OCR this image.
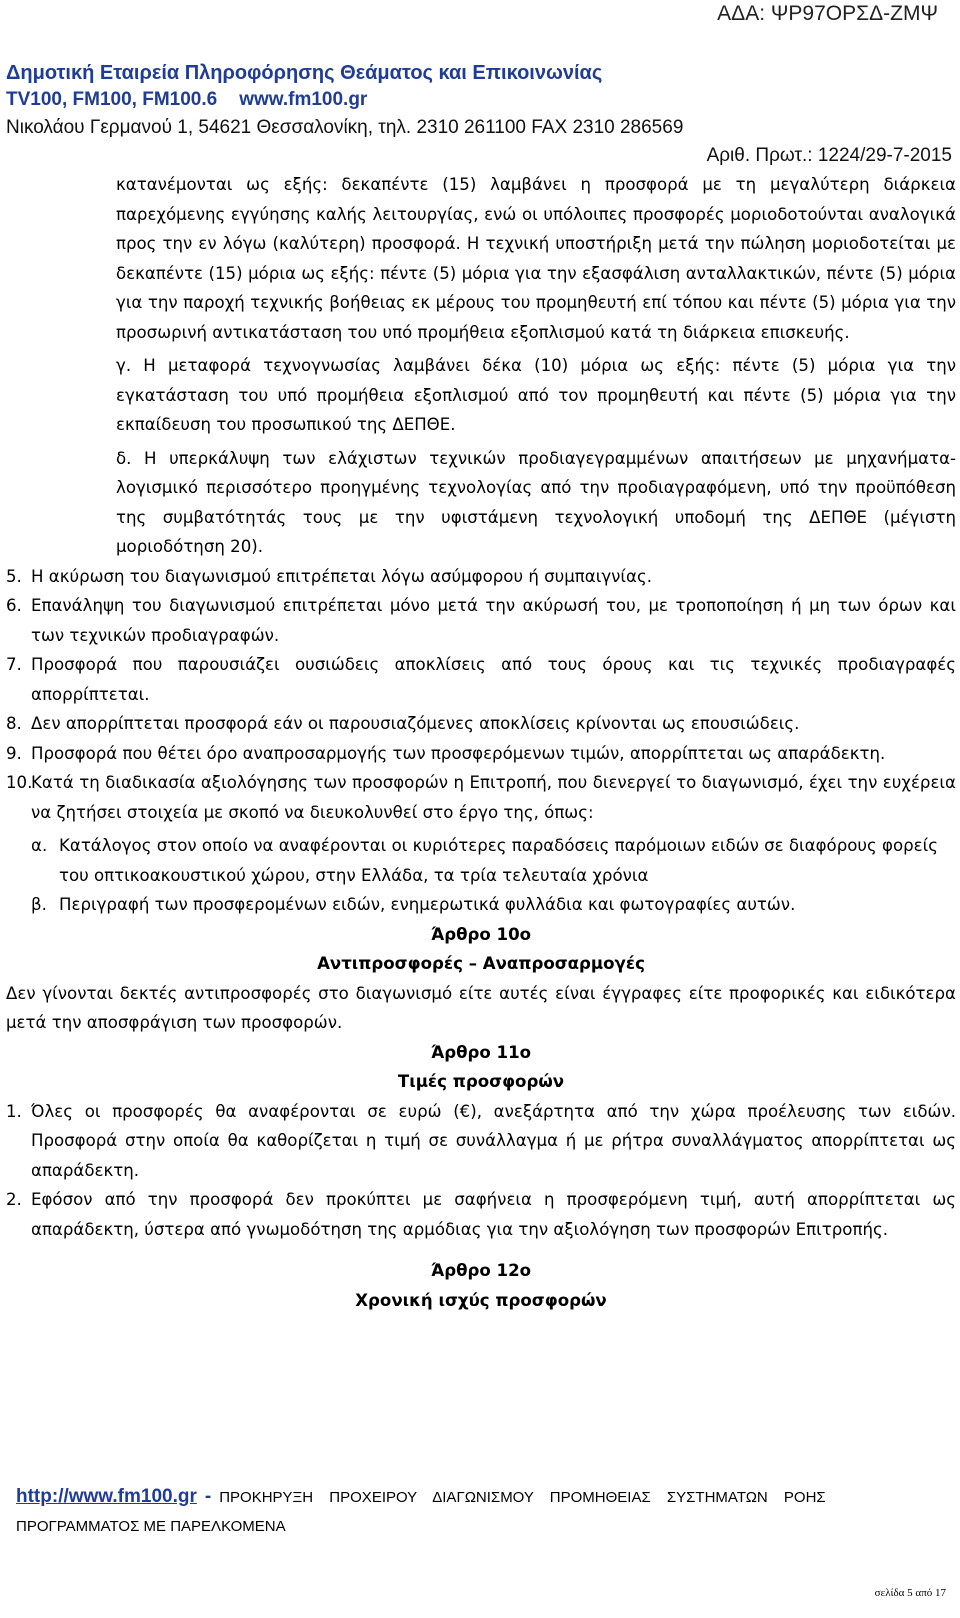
ΑΔΑ: ΨΡ97ΟΡΣΔ-ΖΜΨ
Δημοτική Εταιρεία Πληροφόρησης Θεάματος και Επικοινωνίας
TV100, FM100, FM100.6 www.fm100.gr
Νικολάου Γερμανού 1, 54621 Θεσσαλονίκη, τηλ. 2310 261100 FAX 2310 286569
Αριθ. Πρωτ.: 1224/29-7-2015

κατανέμονται ως εξής: δεκαπέντε (15) λαμβάνει η προσφορά με τη μεγαλύτερη διάρκεια παρεχόμενης εγγύησης καλής λειτουργίας, ενώ οι υπόλοιπες προσφορές μοριοδοτούνται αναλογικά προς την εν λόγω (καλύτερη) προσφορά. Η τεχνική υποστήριξη μετά την πώληση μοριοδοτείται με δεκαπέντε (15) μόρια ως εξής: πέντε (5) μόρια για την εξασφάλιση ανταλλακτικών, πέντε (5) μόρια για την παροχή τεχνικής βοήθειας εκ μέρους του προμηθευτή επί τόπου και πέντε (5) μόρια για την προσωρινή αντικατάσταση του υπό προμήθεια εξοπλισμού κατά τη διάρκεια επισκευής.

γ. Η μεταφορά τεχνογνωσίας λαμβάνει δέκα (10) μόρια ως εξής: πέντε (5) μόρια για την εγκατάσταση του υπό προμήθεια εξοπλισμού από τον προμηθευτή και πέντε (5) μόρια για την εκπαίδευση του προσωπικού της ΔΕΠΘΕ.

δ. Η υπερκάλυψη των ελάχιστων τεχνικών προδιαγεγραμμένων απαιτήσεων με μηχανήματα-λογισμικό περισσότερο προηγμένης τεχνολογίας από την προδιαγραφόμενη, υπό την προϋπόθεση της συμβατότητάς τους με την υφιστάμενη τεχνολογική υποδομή της ΔΕΠΘΕ (μέγιστη μοριοδότηση 20).

5. Η ακύρωση του διαγωνισμού επιτρέπεται λόγω ασύμφορου ή συμπαιγνίας.
6. Επανάληψη του διαγωνισμού επιτρέπεται μόνο μετά την ακύρωσή του, με τροποποίηση ή μη των όρων και των τεχνικών προδιαγραφών.
7. Προσφορά που παρουσιάζει ουσιώδεις αποκλίσεις από τους όρους και τις τεχνικές προδιαγραφές απορρίπτεται.
8. Δεν απορρίπτεται προσφορά εάν οι παρουσιαζόμενες αποκλίσεις κρίνονται ως επουσιώδεις.
9. Προσφορά που θέτει όρο αναπροσαρμογής των προσφερόμενων τιμών, απορρίπτεται ως απαράδεκτη.
10.
Κατά τη διαδικασία αξιολόγησης των προσφορών η Επιτροπή, που διενεργεί το διαγωνισμό, έχει την ευχέρεια να ζητήσει στοιχεία με σκοπό να διευκολυνθεί στο έργο της, όπως:
α. Κατάλογος στον οποίο να αναφέρονται οι κυριότερες παραδόσεις παρόμοιων ειδών σε διαφόρους φορείς του οπτικοακουστικού χώρου, στην Ελλάδα, τα τρία τελευταία χρόνια
β. Περιγραφή των προσφερομένων ειδών, ενημερωτικά φυλλάδια και φωτογραφίες αυτών.

Άρθρο 10ο

Αντιπροσφορές – Αναπροσαρμογές

Δεν γίνονται δεκτές αντιπροσφορές στο διαγωνισμό είτε αυτές είναι έγγραφες είτε προφορικές και ειδικότερα μετά την αποσφράγιση των προσφορών.

Άρθρο 11ο

Τιμές προσφορών

1. Όλες οι προσφορές θα αναφέρονται σε ευρώ (€), ανεξάρτητα από την χώρα προέλευσης των ειδών. Προσφορά στην οποία θα καθορίζεται η τιμή σε συνάλλαγμα ή με ρήτρα συναλλάγματος απορρίπτεται ως απαράδεκτη.
2. Εφόσον από την προσφορά δεν προκύπτει με σαφήνεια η προσφερόμενη τιμή, αυτή απορρίπτεται ως απαράδεκτη, ύστερα από γνωμοδότηση της αρμόδιας για την αξιολόγηση των προσφορών Επιτροπής.

Άρθρο 12ο

Χρονική ισχύς προσφορών

http://www.fm100.gr - ΠΡΟΚΗΡΥΞΗ ΠΡΟΧΕΙΡΟΥ ΔΙΑΓΩΝΙΣΜΟΥ ΠΡΟΜΗΘΕΙΑΣ ΣΥΣΤΗΜΑΤΩΝ ΡΟΗΣ
ΠΡΟΓΡΑΜΜΑΤΟΣ ΜΕ ΠΑΡΕΛΚΟΜΕΝΑ
σελίδα 5 από 17
